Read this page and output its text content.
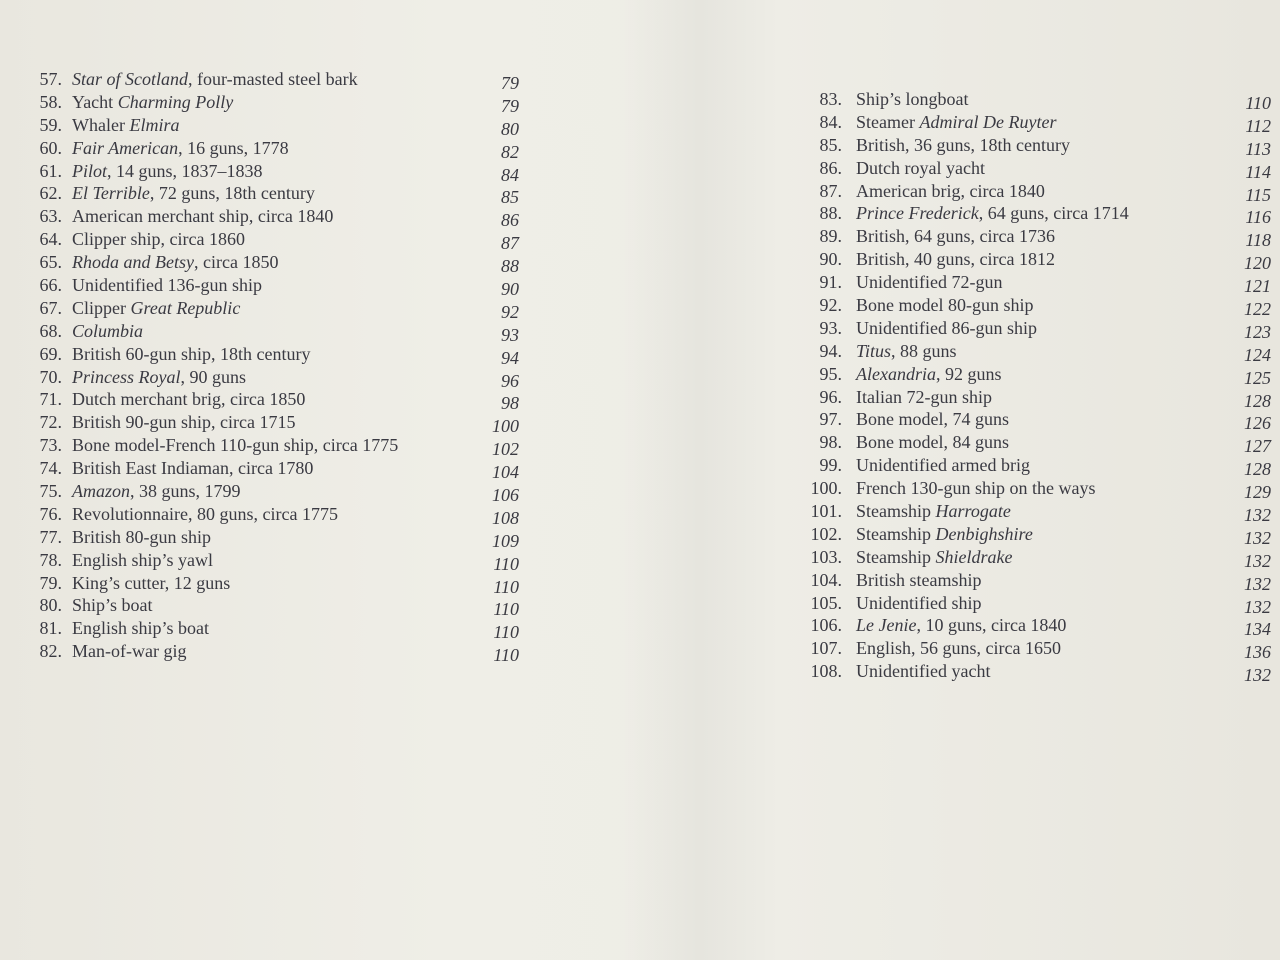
57. Star of Scotland, four-masted steel bark	79
58. Yacht Charming Polly	79
59. Whaler Elmira	80
60. Fair American, 16 guns, 1778	82
61. Pilot, 14 guns, 1837–1838	84
62. El Terrible, 72 guns, 18th century	85
63. American merchant ship, circa 1840	86
64. Clipper ship, circa 1860	87
65. Rhoda and Betsy, circa 1850	88
66. Unidentified 136-gun ship	90
67. Clipper Great Republic	92
68. Columbia	93
69. British 60-gun ship, 18th century	94
70. Princess Royal, 90 guns	96
71. Dutch merchant brig, circa 1850	98
72. British 90-gun ship, circa 1715	100
73. Bone model-French 110-gun ship, circa 1775	102
74. British East Indiaman, circa 1780	104
75. Amazon, 38 guns, 1799	106
76. Revolutionnaire, 80 guns, circa 1775	108
77. British 80-gun ship	109
78. English ship’s yawl	110
79. King’s cutter, 12 guns	110
80. Ship’s boat	110
81. English ship’s boat	110
82. Man-of-war gig	110
83. Ship’s longboat	110
84. Steamer Admiral De Ruyter	112
85. British, 36 guns, 18th century	113
86. Dutch royal yacht	114
87. American brig, circa 1840	115
88. Prince Frederick, 64 guns, circa 1714	116
89. British, 64 guns, circa 1736	118
90. British, 40 guns, circa 1812	120
91. Unidentified 72-gun	121
92. Bone model 80-gun ship	122
93. Unidentified 86-gun ship	123
94. Titus, 88 guns	124
95. Alexandria, 92 guns	125
96. Italian 72-gun ship	128
97. Bone model, 74 guns	126
98. Bone model, 84 guns	127
99. Unidentified armed brig	128
100. French 130-gun ship on the ways	129
101. Steamship Harrogate	132
102. Steamship Denbighshire	132
103. Steamship Shieldrake	132
104. British steamship	132
105. Unidentified ship	132
106. Le Jenie, 10 guns, circa 1840	134
107. English, 56 guns, circa 1650	136
108. Unidentified yacht	132
